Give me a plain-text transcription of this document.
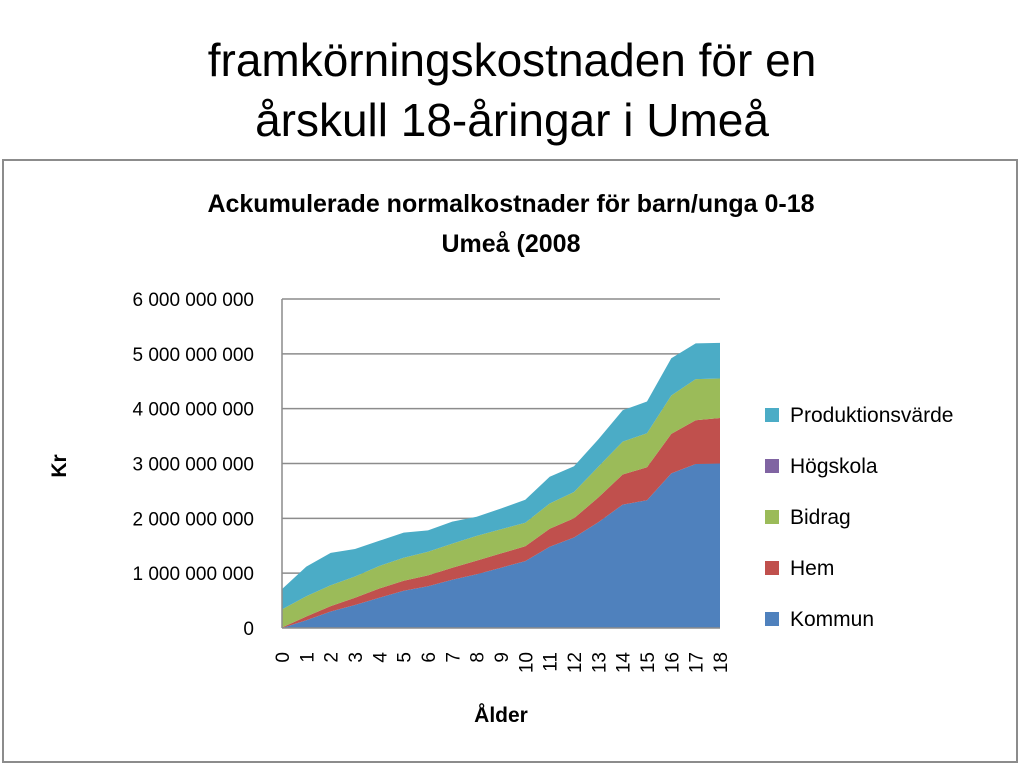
framkörningskostnaden för en
årskull 18-åringar i Umeå
Ackumulerade normalkostnader för barn/unga 0-18
Umeå (2008
0
1 000 000 000
2 000 000 000
3 000 000 000
4 000 000 000
5 000 000 000
6 000 000 000
0 1 2 3 4 5 6 7 8 9 10 11 12 13 14 15 16 17 18
Kr
Ålder
Produktionsvärde
Högskola
Bidrag
Hem
Kommun
